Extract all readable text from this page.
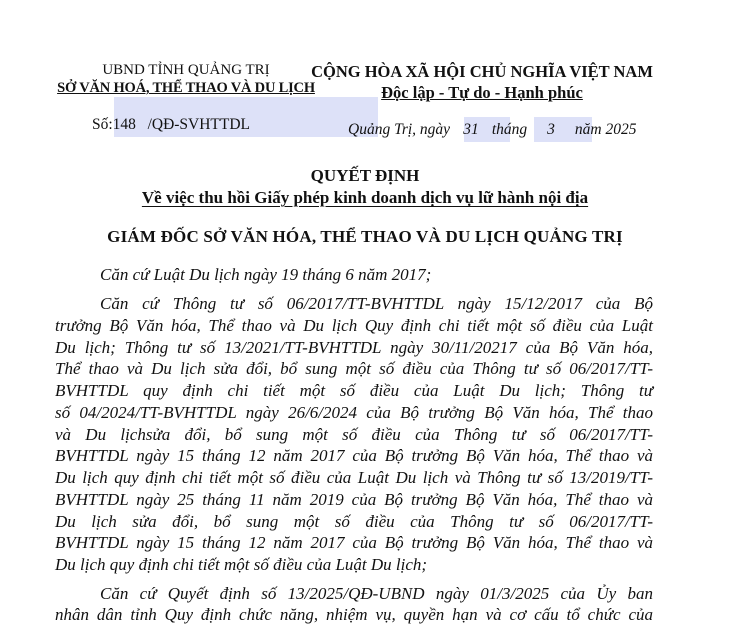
UBND TỈNH QUẢNG TRỊ

SỞ VĂN HOÁ, THỂ THAO VÀ DU LỊCH

Số:148 /QĐ-SVHTTDL

CỘNG HÒA XÃ HỘI CHỦ NGHĨA VIỆT NAM

Độc lập - Tự do - Hạnh phúc

Quảng Trị, ngày 31 tháng 3 năm 2025

QUYẾT ĐỊNH

Về việc thu hồi Giấy phép kinh doanh dịch vụ lữ hành nội địa

GIÁM ĐỐC SỞ VĂN HÓA, THỂ THAO VÀ DU LỊCH QUẢNG TRỊ

Căn cứ Luật Du lịch ngày 19 tháng 6 năm 2017;

Căn cứ Thông tư số 06/2017/TT-BVHTTDL ngày 15/12/2017 của Bộ

trưởng Bộ Văn hóa, Thể thao và Du lịch Quy định chi tiết một số điều của Luật

Du lịch; Thông tư số 13/2021/TT-BVHTTDL ngày 30/11/20217 của Bộ Văn hóa,

Thể thao và Du lịch sửa đổi, bổ sung một số điều của Thông tư số 06/2017/TT-

BVHTTDL quy định chi tiết một số điều của Luật Du lịch; Thông tư

số 04/2024/TT-BVHTTDL ngày 26/6/2024 của Bộ trưởng Bộ Văn hóa, Thể thao

và Du lịchsửa đổi, bổ sung một số điều của Thông tư số 06/2017/TT-

BVHTTDL ngày 15 tháng 12 năm 2017 của Bộ trưởng Bộ Văn hóa, Thể thao và

Du lịch quy định chi tiết một số điều của Luật Du lịch và Thông tư số 13/2019/TT-

BVHTTDL ngày 25 tháng 11 năm 2019 của Bộ trưởng Bộ Văn hóa, Thể thao và

Du lịch sửa đổi, bổ sung một số điều của Thông tư số 06/2017/TT-

BVHTTDL ngày 15 tháng 12 năm 2017 của Bộ trưởng Bộ Văn hóa, Thể thao và

Du lịch quy định chi tiết một số điều của Luật Du lịch;

Căn cứ Quyết định số 13/2025/QĐ-UBND ngày 01/3/2025 của Ủy ban

nhân dân tỉnh Quy định chức năng, nhiệm vụ, quyền hạn và cơ cấu tổ chức của
